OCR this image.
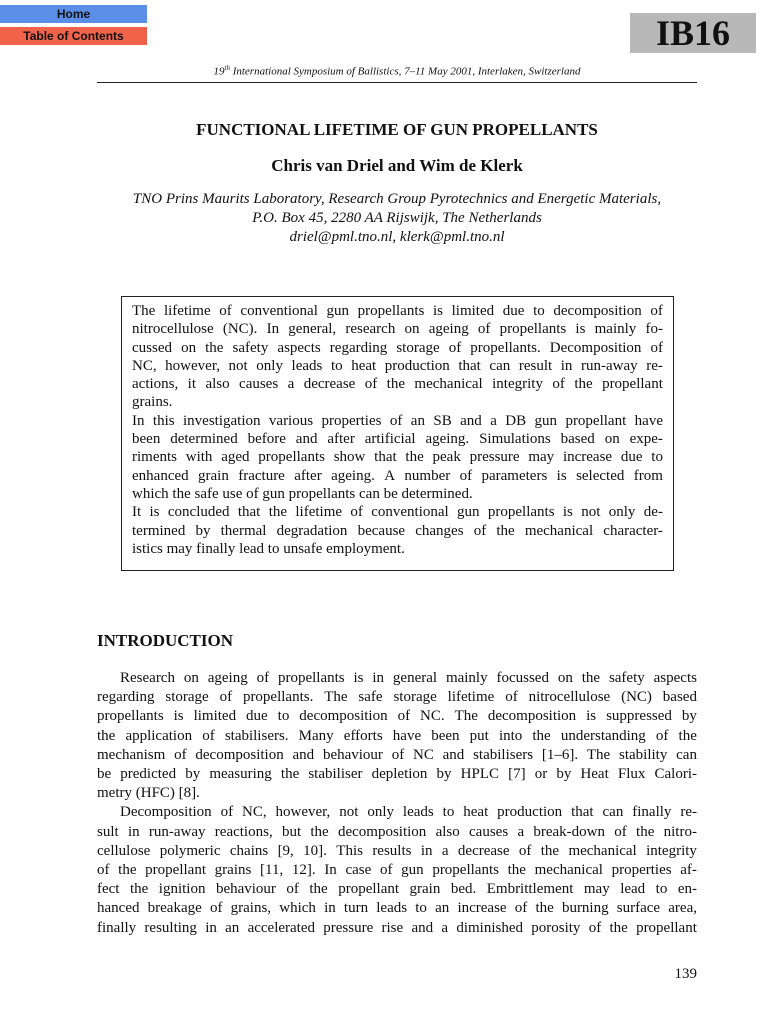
Home
Table of Contents	IB16
19th International Symposium of Ballistics, 7–11 May 2001, Interlaken, Switzerland
FUNCTIONAL LIFETIME OF GUN PROPELLANTS
Chris van Driel and Wim de Klerk
TNO Prins Maurits Laboratory, Research Group Pyrotechnics and Energetic Materials,
P.O. Box 45, 2280 AA Rijswijk, The Netherlands
driel@pml.tno.nl, klerk@pml.tno.nl
The lifetime of conventional gun propellants is limited due to decomposition of
nitrocellulose (NC). In general, research on ageing of propellants is mainly fo-
cussed on the safety aspects regarding storage of propellants. Decomposition of
NC, however, not only leads to heat production that can result in run-away re-
actions, it also causes a decrease of the mechanical integrity of the propellant
grains.
In this investigation various properties of an SB and a DB gun propellant have
been determined before and after artificial ageing. Simulations based on expe-
riments with aged propellants show that the peak pressure may increase due to
enhanced grain fracture after ageing. A number of parameters is selected from
which the safe use of gun propellants can be determined.
It is concluded that the lifetime of conventional gun propellants is not only de-
termined by thermal degradation because changes of the mechanical character-
istics may finally lead to unsafe employment.
INTRODUCTION
Research on ageing of propellants is in general mainly focussed on the safety aspects
regarding storage of propellants. The safe storage lifetime of nitrocellulose (NC) based
propellants is limited due to decomposition of NC. The decomposition is suppressed by
the application of stabilisers. Many efforts have been put into the understanding of the
mechanism of decomposition and behaviour of NC and stabilisers [1–6]. The stability can
be predicted by measuring the stabiliser depletion by HPLC [7] or by Heat Flux Calori-
metry (HFC) [8].
Decomposition of NC, however, not only leads to heat production that can finally re-
sult in run-away reactions, but the decomposition also causes a break-down of the nitro-
cellulose polymeric chains [9, 10]. This results in a decrease of the mechanical integrity
of the propellant grains [11, 12]. In case of gun propellants the mechanical properties af-
fect the ignition behaviour of the propellant grain bed. Embrittlement may lead to en-
hanced breakage of grains, which in turn leads to an increase of the burning surface area,
finally resulting in an accelerated pressure rise and a diminished porosity of the propellant
139
